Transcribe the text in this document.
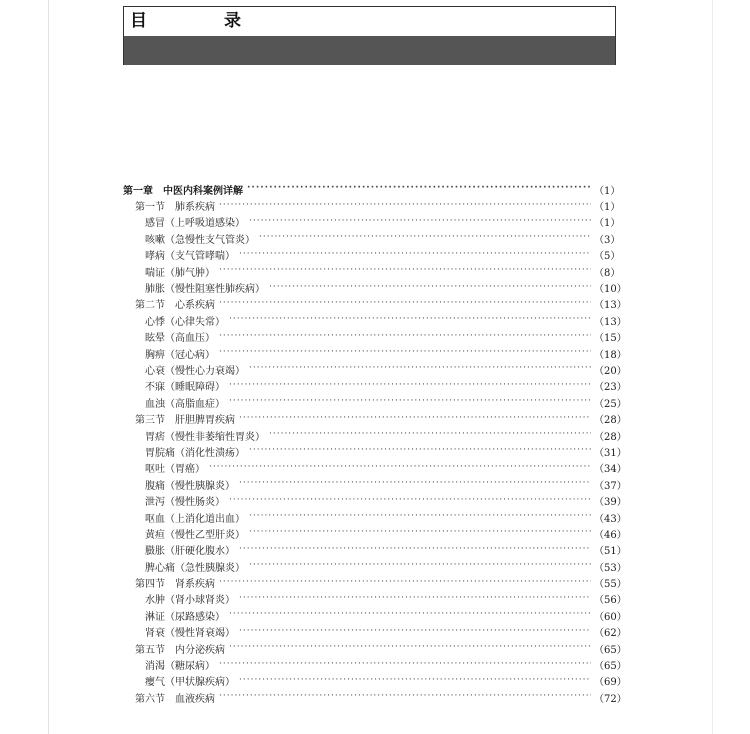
目　录
第一章　中医内科案例详解 ·····	（1）
第一节　肺系疾病 ·····	（1）
感冒（上呼吸道感染） ·····	（1）
咳嗽（急慢性支气管炎） ·····	（3）
哮病（支气管哮喘） ·····	（5）
喘证（肺气肿） ·····	（8）
肺胀（慢性阻塞性肺疾病） ·····	（10）
第二节　心系疾病 ·····	（13）
心悸（心律失常） ·····	（13）
眩晕（高血压） ·····	（15）
胸痹（冠心病） ·····	（18）
心衰（慢性心力衰竭） ·····	（20）
不寐（睡眠障碍） ·····	（23）
血浊（高脂血症） ·····	（25）
第三节　肝胆脾胃疾病 ·····	（28）
胃痞（慢性非萎缩性胃炎） ·····	（28）
胃脘痛（消化性溃疡） ·····	（31）
呕吐（胃癌） ·····	（34）
腹痛（慢性胰腺炎） ·····	（37）
泄泻（慢性肠炎） ·····	（39）
呕血（上消化道出血） ·····	（43）
黄疸（慢性乙型肝炎） ·····	（46）
臌胀（肝硬化腹水） ·····	（51）
脾心痛（急性胰腺炎） ·····	（53）
第四节　肾系疾病 ·····	（55）
水肿（肾小球肾炎） ·····	（56）
淋证（尿路感染） ·····	（60）
肾衰（慢性肾衰竭） ·····	（62）
第五节　内分泌疾病 ·····	（65）
消渴（糖尿病） ·····	（65）
瘿气（甲状腺疾病） ·····	（69）
第六节　血液疾病 ·····	（72）
